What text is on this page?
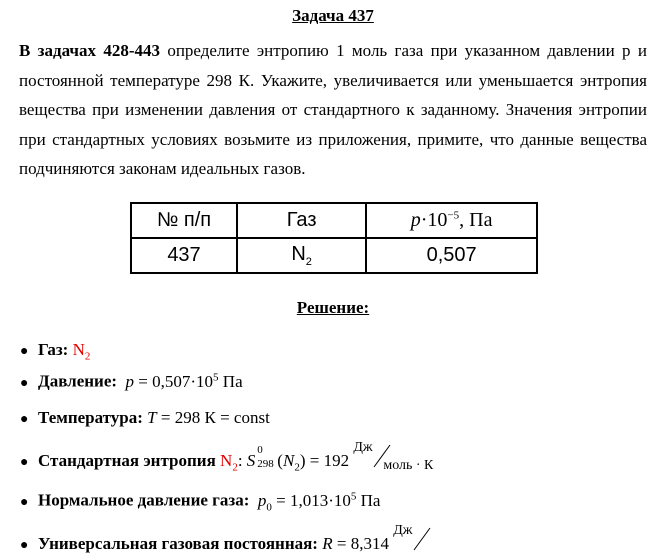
Задача 437
В задачах 428-443 определите энтропию 1 моль газа при указанном давлении р и постоянной температуре 298 К. Укажите, увеличивается или уменьшается энтропия вещества при изменении давления от стандартного к заданному. Значения энтропии при стандартных условиях возьмите из приложения, примите, что данные вещества подчиняются законам идеальных газов.
№ п/п	Газ	$p\cdot 10^{-5}$, Па
437	$N_2$	0,507
Решение:
● Газ: $N_2$
● Давление: $p = 0,507\cdot 10^5$ Па
● Температура: T = 298 К = const
● Стандартная энтропия $N_2$: S
0
298 $(N_2) = 192$
Дж
моль · К
● Нормальное давление газа: $p_0 = 1,013\cdot 10^5$ Па
● Универсальная газовая постоянная: R = 8,314
Дж
